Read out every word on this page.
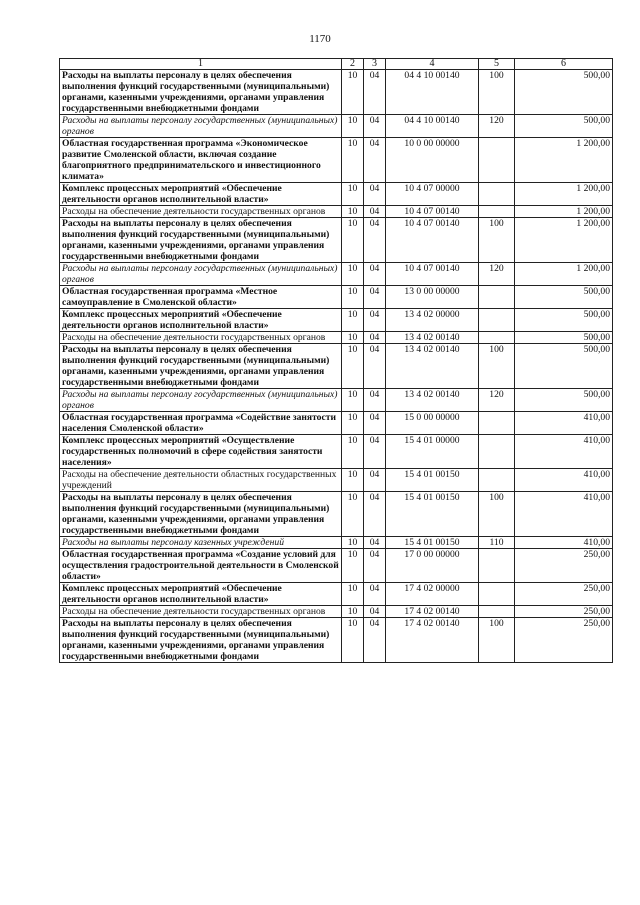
1170
1	2	3	4	5	6
Расходы на выплаты персоналу в целях обеспечения выполнения функций государственными (муниципальными) органами, казенными учреждениями, органами управления государственными внебюджетными фондами	10	04	04 4 10 00140	100	500,00
Расходы на выплаты персоналу государственных (муниципальных) органов	10	04	04 4 10 00140	120	500,00
Областная государственная программа «Экономическое развитие Смоленской области, включая создание благоприятного предпринимательского и инвестиционного климата»	10	04	10 0 00 00000		1 200,00
Комплекс процессных мероприятий «Обеспечение деятельности органов исполнительной власти»	10	04	10 4 07 00000		1 200,00
Расходы на обеспечение деятельности государственных органов	10	04	10 4 07 00140		1 200,00
Расходы на выплаты персоналу в целях обеспечения выполнения функций государственными (муниципальными) органами, казенными учреждениями, органами управления государственными внебюджетными фондами	10	04	10 4 07 00140	100	1 200,00
Расходы на выплаты персоналу государственных (муниципальных) органов	10	04	10 4 07 00140	120	1 200,00
Областная государственная программа «Местное самоуправление в Смоленской области»	10	04	13 0 00 00000		500,00
Комплекс процессных мероприятий «Обеспечение деятельности органов исполнительной власти»	10	04	13 4 02 00000		500,00
Расходы на обеспечение деятельности государственных органов	10	04	13 4 02 00140		500,00
Расходы на выплаты персоналу в целях обеспечения выполнения функций государственными (муниципальными) органами, казенными учреждениями, органами управления государственными внебюджетными фондами	10	04	13 4 02 00140	100	500,00
Расходы на выплаты персоналу государственных (муниципальных) органов	10	04	13 4 02 00140	120	500,00
Областная государственная программа «Содействие занятости населения Смоленской области»	10	04	15 0 00 00000		410,00
Комплекс процессных мероприятий «Осуществление государственных полномочий в сфере содействия занятости населения»	10	04	15 4 01 00000		410,00
Расходы на обеспечение деятельности областных государственных учреждений	10	04	15 4 01 00150		410,00
Расходы на выплаты персоналу в целях обеспечения выполнения функций государственными (муниципальными) органами, казенными учреждениями, органами управления государственными внебюджетными фондами	10	04	15 4 01 00150	100	410,00
Расходы на выплаты персоналу казенных учреждений	10	04	15 4 01 00150	110	410,00
Областная государственная программа «Создание условий для осуществления градостроительной деятельности в Смоленской области»	10	04	17 0 00 00000		250,00
Комплекс процессных мероприятий «Обеспечение деятельности органов исполнительной власти»	10	04	17 4 02 00000		250,00
Расходы на обеспечение деятельности государственных органов	10	04	17 4 02 00140		250,00
Расходы на выплаты персоналу в целях обеспечения выполнения функций государственными (муниципальными) органами, казенными учреждениями, органами управления государственными внебюджетными фондами	10	04	17 4 02 00140	100	250,00
